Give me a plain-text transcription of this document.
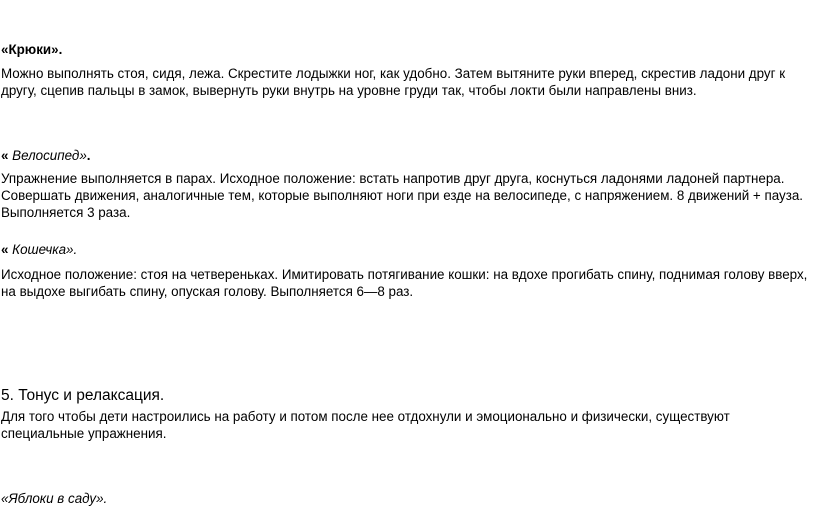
«Крюки».

Можно выполнять стоя, сидя, лежа. Скрестите лодыжки ног, как удобно. Затем вытяните руки вперед, скрестив ладони друг к другу, сцепив пальцы в замок, вывернуть руки внутрь на уровне груди так, чтобы локти были направлены вниз.

« Велосипед».

Упражнение выполняется в парах. Исходное положение: встать напротив друг друга, коснуться ладонями ладоней партнера. Совершать движения, аналогичные тем, которые выполняют ноги при езде на велосипеде, с напряжением. 8 движений + пауза. Выполняется 3 раза.

« Кошечка».

Исходное положение: стоя на четвереньках. Имитировать потягивание кошки: на вдохе прогибать спину, поднимая голову вверх, на выдохе выгибать спину, опуская голову. Выполняется 6—8 раз.

5. Тонус и релаксация.

Для того чтобы дети настроились на работу и потом после нее отдохнули и эмоционально и физически, существуют специальные упражнения.

«Яблоки в саду».
